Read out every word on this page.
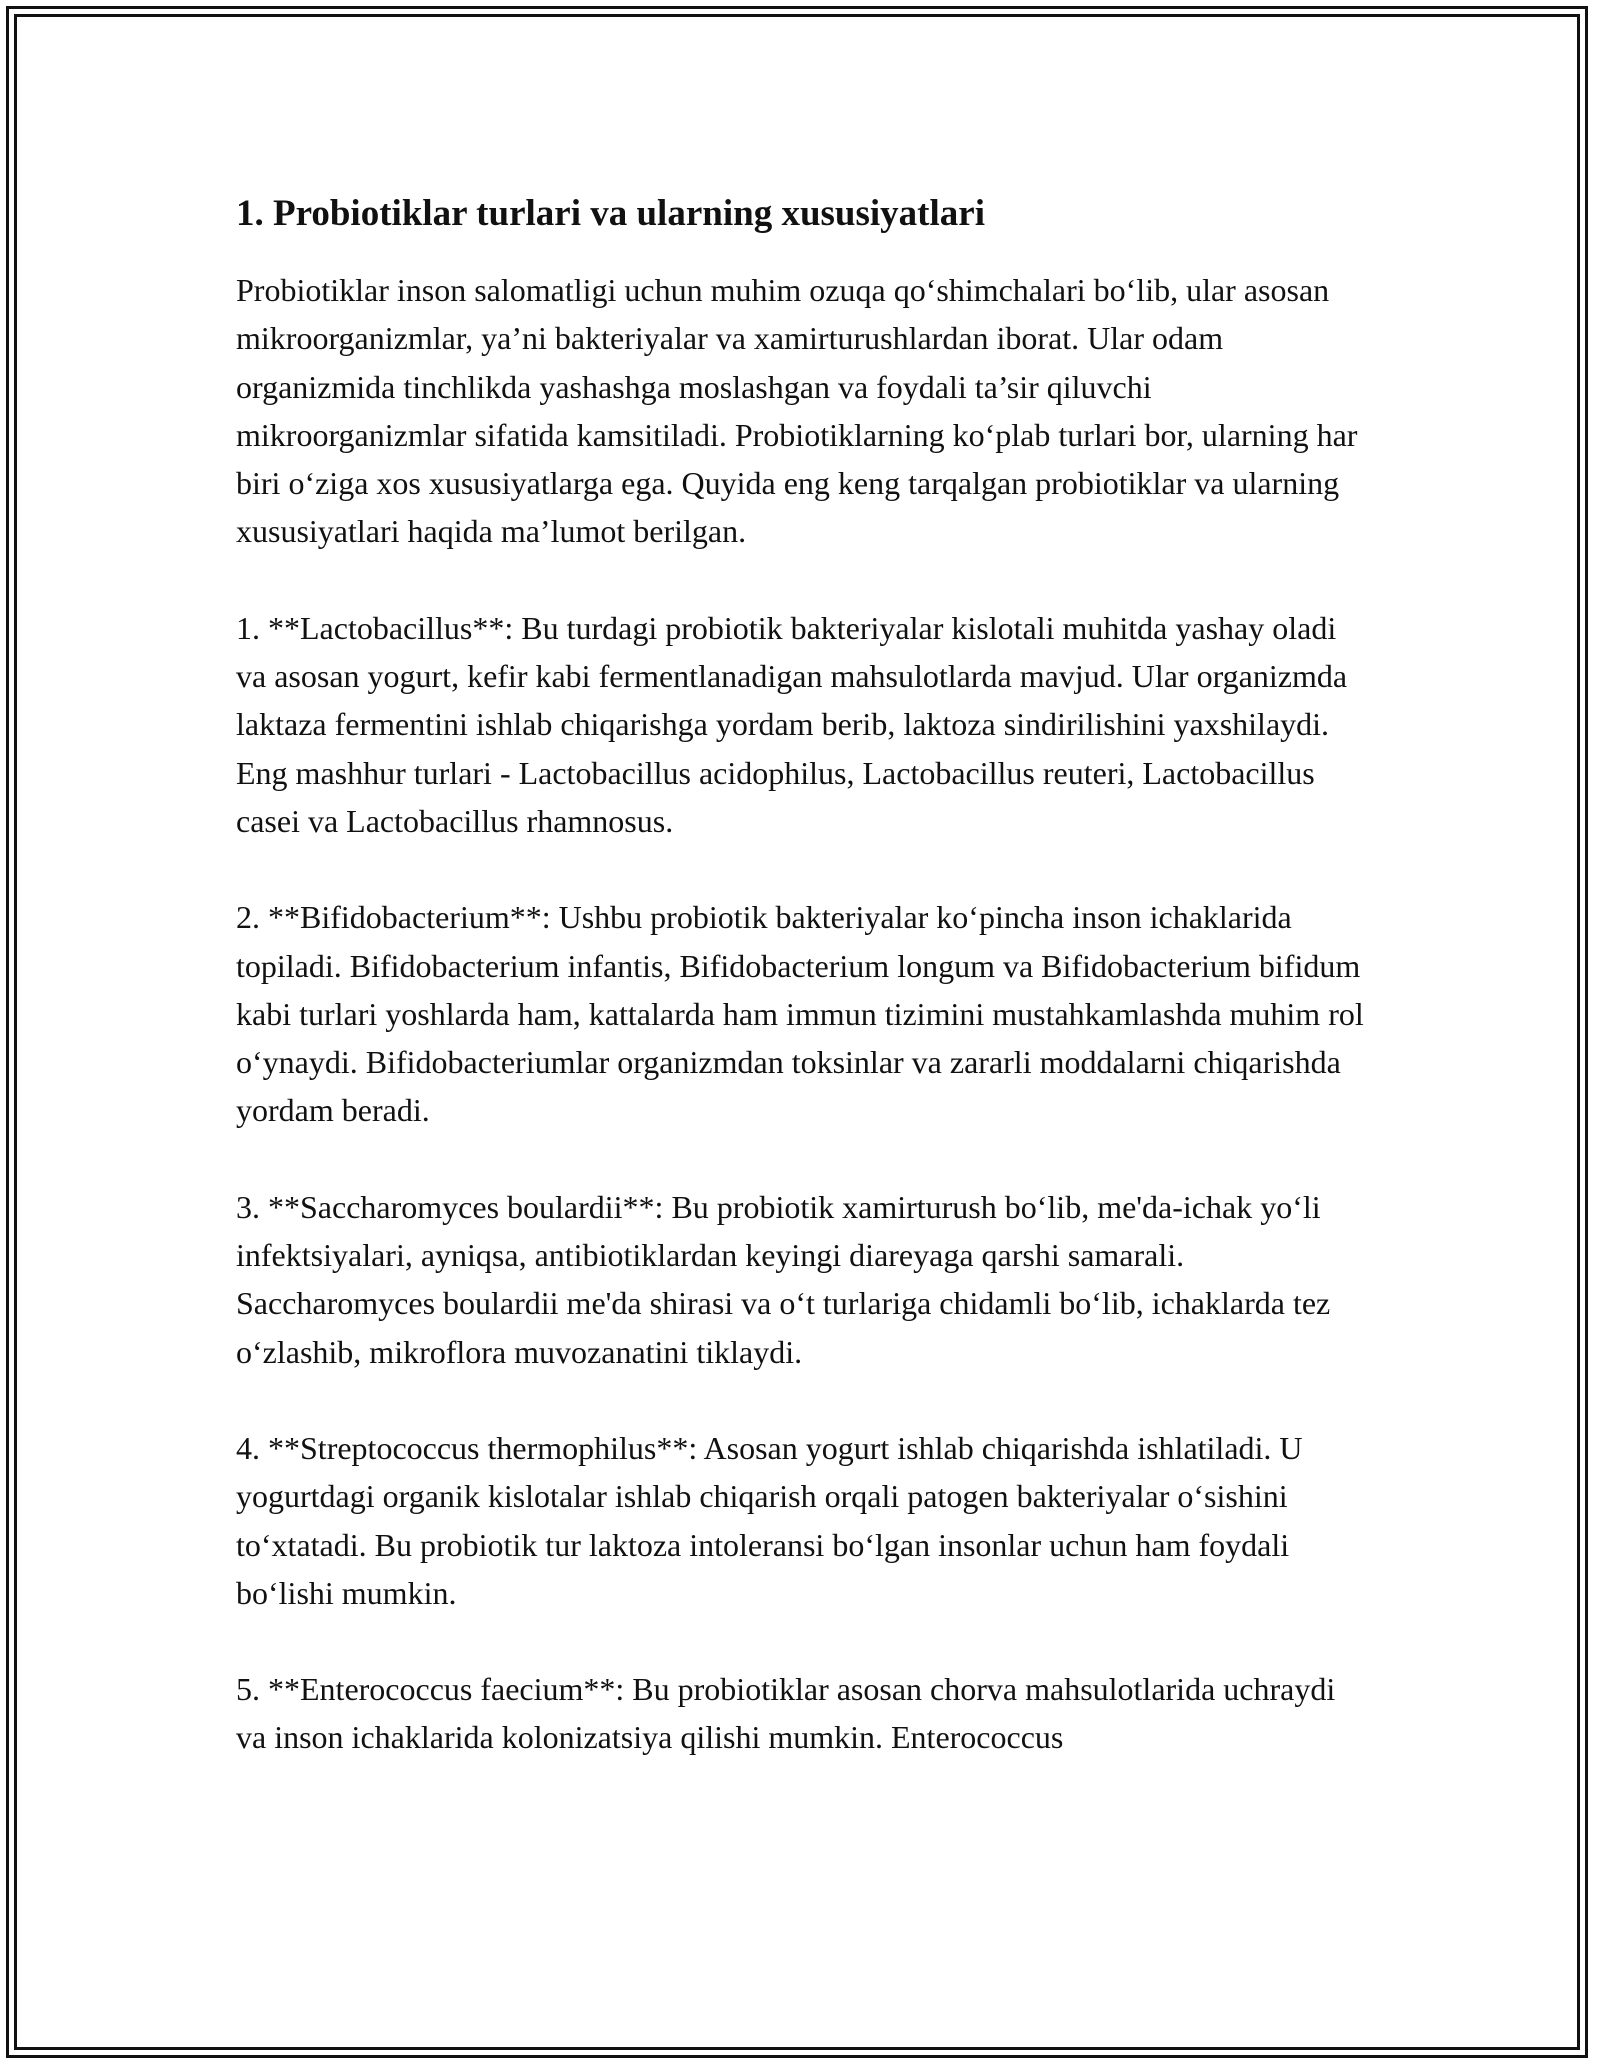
1. Probiotiklar turlari va ularning xususiyatlari

Probiotiklar inson salomatligi uchun muhim ozuqa qo‘shimchalari bo‘lib, ular asosan mikroorganizmlar, ya’ni bakteriyalar va xamirturushlardan iborat. Ular odam organizmida tinchlikda yashashga moslashgan va foydali ta’sir qiluvchi mikroorganizmlar sifatida kamsitiladi. Probiotiklarning ko‘plab turlari bor, ularning har biri o‘ziga xos xususiyatlarga ega. Quyida eng keng tarqalgan probiotiklar va ularning xususiyatlari haqida ma’lumot berilgan.

1. **Lactobacillus**: Bu turdagi probiotik bakteriyalar kislotali muhitda yashay oladi va asosan yogurt, kefir kabi fermentlanadigan mahsulotlarda mavjud. Ular organizmda laktaza fermentini ishlab chiqarishga yordam berib, laktoza sindirilishini yaxshilaydi. Eng mashhur turlari - Lactobacillus acidophilus, Lactobacillus reuteri, Lactobacillus casei va Lactobacillus rhamnosus.

2. **Bifidobacterium**: Ushbu probiotik bakteriyalar ko‘pincha inson ichaklarida topiladi. Bifidobacterium infantis, Bifidobacterium longum va Bifidobacterium bifidum kabi turlari yoshlarda ham, kattalarda ham immun tizimini mustahkamlashda muhim rol o‘ynaydi. Bifidobacteriumlar organizmdan toksinlar va zararli moddalarni chiqarishda yordam beradi.

3. **Saccharomyces boulardii**: Bu probiotik xamirturush bo‘lib, me'da-ichak yo‘li infektsiyalari, ayniqsa, antibiotiklardan keyingi diareyaga qarshi samarali. Saccharomyces boulardii me'da shirasi va o‘t turlariga chidamli bo‘lib, ichaklarda tez o‘zlashib, mikroflora muvozanatini tiklaydi.

4. **Streptococcus thermophilus**: Asosan yogurt ishlab chiqarishda ishlatiladi. U yogurtdagi organik kislotalar ishlab chiqarish orqali patogen bakteriyalar o‘sishini to‘xtatadi. Bu probiotik tur laktoza intoleransi bo‘lgan insonlar uchun ham foydali bo‘lishi mumkin.

5. **Enterococcus faecium**: Bu probiotiklar asosan chorva mahsulotlarida uchraydi va inson ichaklarida kolonizatsiya qilishi mumkin. Enterococcus
